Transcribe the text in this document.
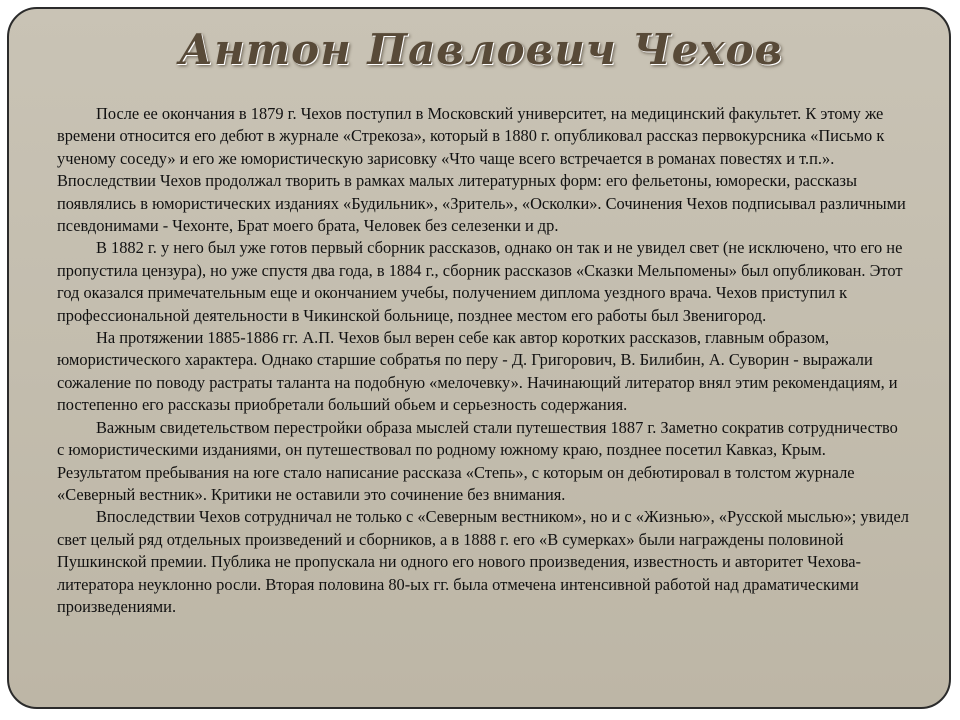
Антон Павлович Чехов

После ее окончания в 1879 г. Чехов поступил в Московский университет, на медицинский факультет. К этому же времени относится его дебют в журнале «Стрекоза», который в 1880 г. опубликовал рассказ первокурсника «Письмо к ученому соседу» и его же юмористическую зарисовку «Что чаще всего встречается в романах повестях и т.п.». Впоследствии Чехов продолжал творить в рамках малых литературных форм: его фельетоны, юморески, рассказы появлялись в юмористических изданиях «Будильник», «Зритель», «Осколки». Сочинения Чехов подписывал различными псевдонимами - Чехонте, Брат моего брата, Человек без селезенки и др.

В 1882 г. у него был уже готов первый сборник рассказов, однако он так и не увидел свет (не исключено, что его не пропустила цензура), но уже спустя два года, в 1884 г., сборник рассказов «Сказки Мельпомены» был опубликован. Этот год оказался примечательным еще и окончанием учебы, получением диплома уездного врача. Чехов приступил к профессиональной деятельности в Чикинской больнице, позднее местом его работы был Звенигород.

На протяжении 1885-1886 гг. А.П. Чехов был верен себе как автор коротких рассказов, главным образом, юмористического характера. Однако старшие собратья по перу - Д. Григорович, В. Билибин, А. Суворин - выражали сожаление по поводу растраты таланта на подобную «мелочевку». Начинающий литератор внял этим рекомендациям, и постепенно его рассказы приобретали больший обьем и серьезность содержания.

Важным свидетельством перестройки образа мыслей стали путешествия 1887 г. Заметно сократив сотрудничество с юмористическими изданиями, он путешествовал по родному южному краю, позднее посетил Кавказ, Крым. Результатом пребывания на юге стало написание рассказа «Степь», с которым он дебютировал в толстом журнале «Северный вестник». Критики не оставили это сочинение без внимания.

Впоследствии Чехов сотрудничал не только с «Северным вестником», но и с «Жизнью», «Русской мыслью»; увидел свет целый ряд отдельных произведений и сборников, а в 1888 г. его «В сумерках» были награждены половиной Пушкинской премии. Публика не пропускала ни одного его нового произведения, известность и авторитет Чехова-литератора неуклонно росли. Вторая половина 80-ых гг. была отмечена интенсивной работой над драматическими произведениями.
